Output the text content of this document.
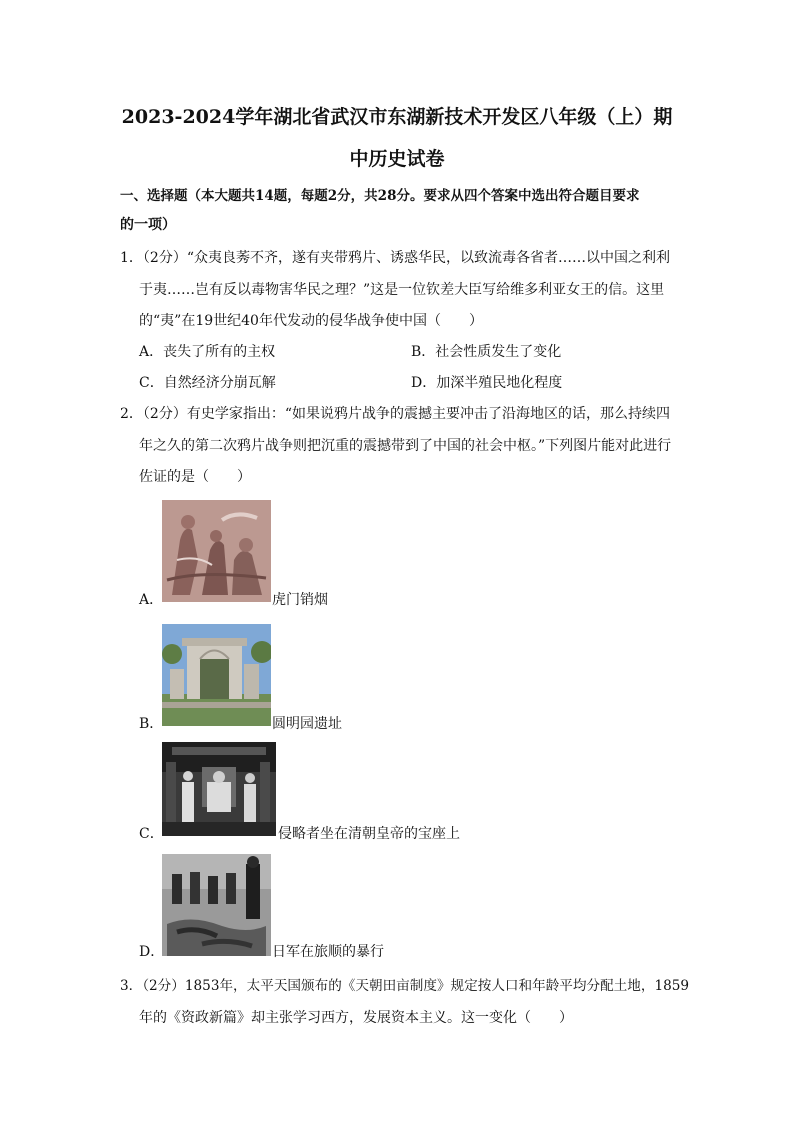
2023-2024学年湖北省武汉市东湖新技术开发区八年级（上）期
中历史试卷
一、选择题（本大题共14题，每题2分，共28分。要求从四个答案中选出符合题目要求
的一项）
1．（2分）“众夷良莠不齐，遂有夹带鸦片、诱惑华民，以致流毒各省者……以中国之利利
于夷……岂有反以毒物害华民之理？”这是一位钦差大臣写给维多利亚女王的信。这里
的“夷”在19世纪40年代发动的侵华战争使中国（　　）
A．丧失了所有的主权	B．社会性质发生了变化
C．自然经济分崩瓦解	D．加深半殖民地化程度
2．（2分）有史学家指出：“如果说鸦片战争的震撼主要冲击了沿海地区的话，那么持续四
年之久的第二次鸦片战争则把沉重的震撼带到了中国的社会中枢。”下列图片能对此进行
佐证的是（　　）
A．	虎门销烟
B．	圆明园遗址
C．	侵略者坐在清朝皇帝的宝座上
D．	日军在旅顺的暴行
3．（2分）1853年，太平天国颁布的《天朝田亩制度》规定按人口和年龄平均分配土地，1859
年的《资政新篇》却主张学习西方，发展资本主义。这一变化（　　）
